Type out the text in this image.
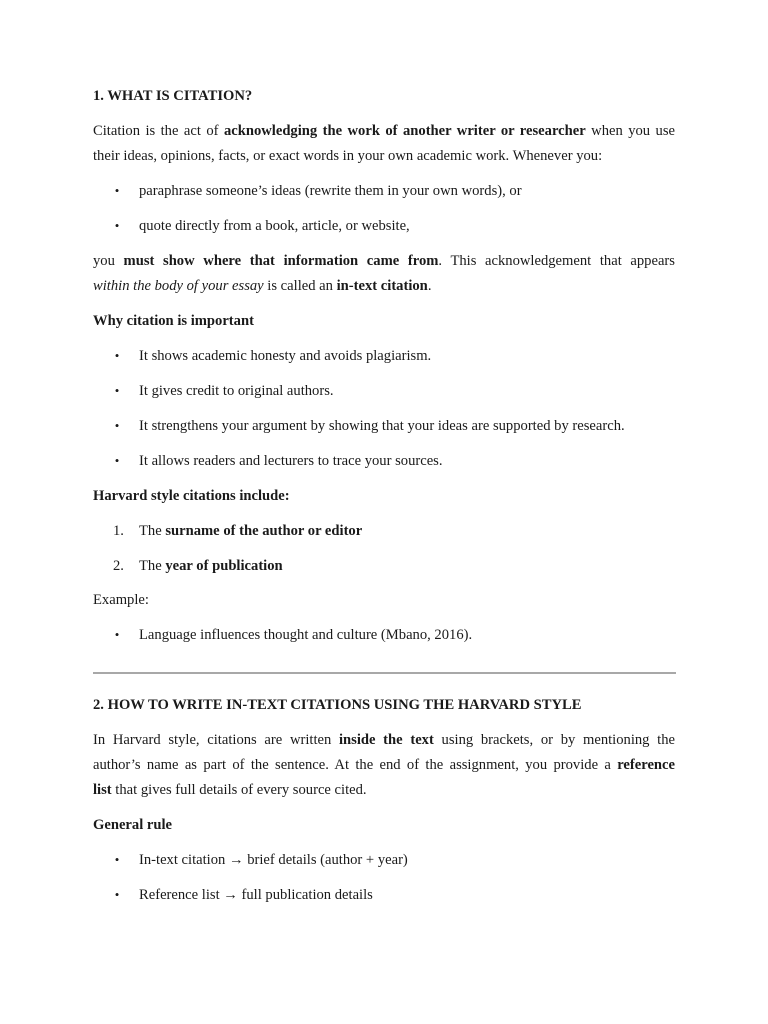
1. WHAT IS CITATION?
Citation is the act of acknowledging the work of another writer or researcher when you use
their ideas, opinions, facts, or exact words in your own academic work. Whenever you:
• paraphrase someone’s ideas (rewrite them in your own words), or
• quote directly from a book, article, or website,
you must show where that information came from. This acknowledgement that appears
within the body of your essay is called an in-text citation.
Why citation is important
• It shows academic honesty and avoids plagiarism.
• It gives credit to original authors.
• It strengthens your argument by showing that your ideas are supported by research.
• It allows readers and lecturers to trace your sources.
Harvard style citations include:
1. The surname of the author or editor
2. The year of publication
Example:
• Language influences thought and culture (Mbano, 2016).
2. HOW TO WRITE IN-TEXT CITATIONS USING THE HARVARD STYLE
In Harvard style, citations are written inside the text using brackets, or by mentioning the
author’s name as part of the sentence. At the end of the assignment, you provide a reference
list that gives full details of every source cited.
General rule
• In-text citation → brief details (author + year)
• Reference list → full publication details
